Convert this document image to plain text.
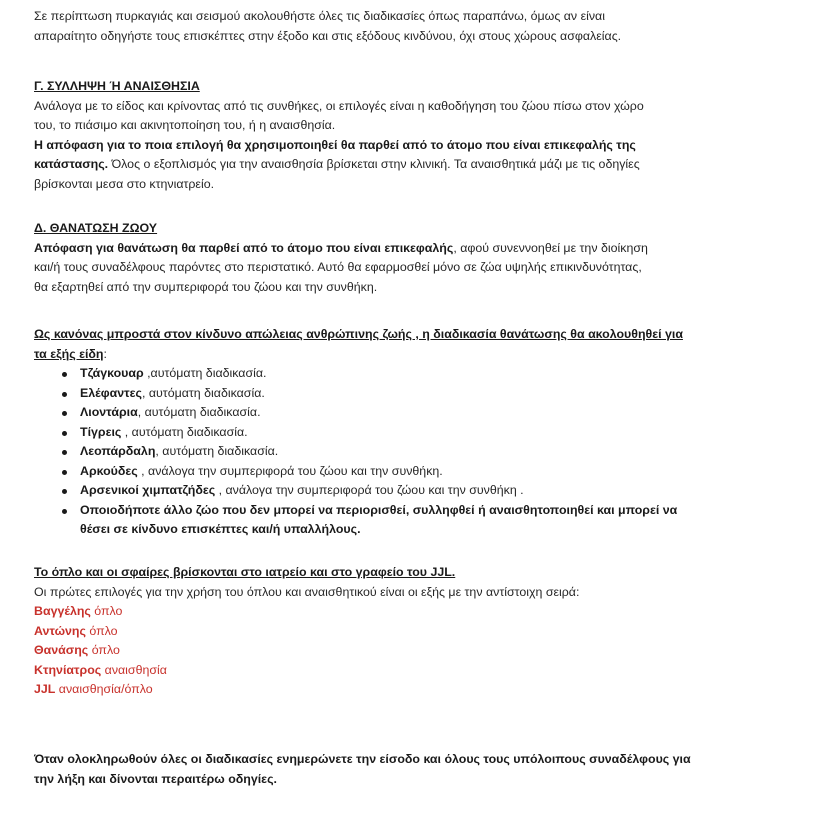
Σε περίπτωση πυρκαγιάς και σεισμού ακολουθήστε όλες τις διαδικασίες όπως παραπάνω, όμως αν είναι

απαραίτητο οδηγήστε τους επισκέπτες στην έξοδο και στις εξόδους κινδύνου, όχι στους χώρους ασφαλείας.

Γ. ΣΥΛΛΗΨΗ Ή ΑΝΑΙΣΘΗΣΙΑ

Ανάλογα με το είδος και κρίνοντας από τις συνθήκες, οι επιλογές είναι η καθοδήγηση του ζώου πίσω στον χώρο

του, το πιάσιμο και ακινητοποίηση του, ή η αναισθησία.

Η απόφαση για το ποια επιλογή θα χρησιμοποιηθεί θα παρθεί από το άτομο που είναι επικεφαλής της

κατάστασης. Όλος ο εξοπλισμός για την αναισθησία βρίσκεται στην κλινική. Τα αναισθητικά μάζι με τις οδηγίες

βρίσκονται μεσα στο κτηνιατρείο.

Δ. ΘΑΝΑΤΩΣΗ ΖΩΟΥ

Απόφαση για θανάτωση θα παρθεί από το άτομο που είναι επικεφαλής, αφού συνεννοηθεί με την διοίκηση

και/ή τους συναδέλφους παρόντες στο περιστατικό. Αυτό θα εφαρμοσθεί μόνο σε ζώα υψηλής επικινδυνότητας,

θα εξαρτηθεί από την συμπεριφορά του ζώου και την συνθήκη.

Ως κανόνας μπροστά στον κίνδυνο απώλειας ανθρώπινης ζωής , η διαδικασία θανάτωσης θα ακολουθηθεί για

τα εξής είδη:

Τζάγκουαρ ,αυτόματη διαδικασία.
Ελέφαντες, αυτόματη διαδικασία.
Λιοντάρια, αυτόματη διαδικασία.
Τίγρεις , αυτόματη διαδικασία.
Λεοπάρδαλη, αυτόματη διαδικασία.
Αρκούδες , ανάλογα την συμπεριφορά του ζώου και την συνθήκη.
Αρσενικοί χιμπατζήδες , ανάλογα την συμπεριφορά του ζώου και την συνθήκη .
Οποιοδήποτε άλλο ζώο που δεν μπορεί να περιορισθεί, συλληφθεί ή αναισθητοποιηθεί και μπορεί να
θέσει σε κίνδυνο επισκέπτες και/ή υπαλλήλους.

Το όπλο και οι σφαίρες βρίσκονται στο ιατρείο και στο γραφείο του JJL.

Οι πρώτες επιλογές για την χρήση του όπλου και αναισθητικού είναι οι εξής με την αντίστοιχη σειρά:

Βαγγέλης όπλο

Αντώνης όπλο

Θανάσης όπλο

Κτηνίατρος αναισθησία

JJL αναισθησία/όπλο

Όταν ολοκληρωθούν όλες οι διαδικασίες ενημερώνετε την είσοδο και όλους τους υπόλοιπους συναδέλφους για

την λήξη και δίνονται περαιτέρω οδηγίες.
